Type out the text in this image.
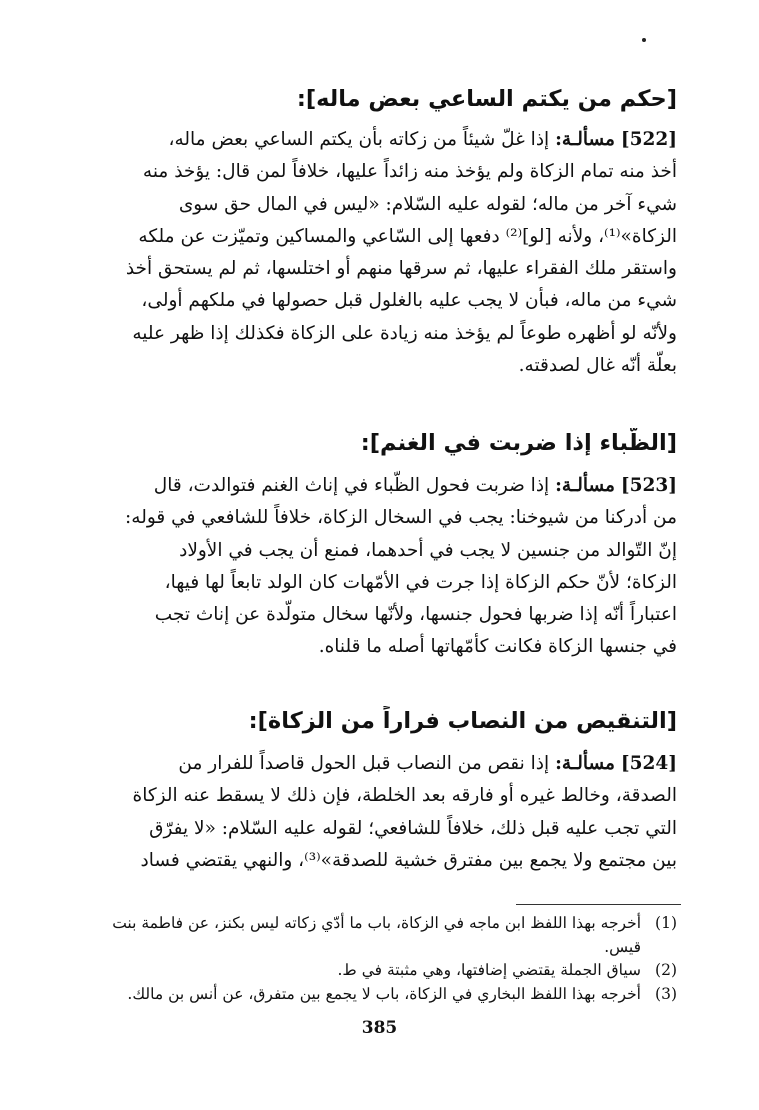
[حكم من يكتم الساعي بعض ماله]:

[522] مسألـة: إذا غلّ شيئاً من زكاته بأن يكتم الساعي بعض ماله،

أخذ منه تمام الزكاة ولم يؤخذ منه زائداً عليها، خلافاً لمن قال: يؤخذ منه

شيء آخر من ماله؛ لقوله عليه السّلام: «ليس في المال حق سوى

الزكاة»⁽¹⁾، ولأنه [لو]⁽²⁾ دفعها إلى السّاعي والمساكين وتميّزت عن ملكه

واستقر ملك الفقراء عليها، ثم سرقها منهم أو اختلسها، ثم لم يستحق أخذ

شيء من ماله، فبأن لا يجب عليه بالغلول قبل حصولها في ملكهم أولى،

ولأنّه لو أظهره طوعاً لم يؤخذ منه زيادة على الزكاة فكذلك إذا ظهر عليه

بعلّة أنّه غال لصدقته.

[الظّباء إذا ضربت في الغنم]:

[523] مسألـة: إذا ضربت فحول الظّباء في إناث الغنم فتوالدت، قال

من أدركنا من شيوخنا: يجب في السخال الزكاة، خلافاً للشافعي في قوله:

إنّ التّوالد من جنسين لا يجب في أحدهما، فمنع أن يجب في الأولاد

الزكاة؛ لأنّ حكم الزكاة إذا جرت في الأمّهات كان الولد تابعاً لها فيها،

اعتباراً أنّه إذا ضربها فحول جنسها، ولأنّها سخال متولّدة عن إناث تجب

في جنسها الزكاة فكانت كأمّهاتها أصله ما قلناه.

[التنقيص من النصاب فراراً من الزكاة]:

[524] مسألـة: إذا نقص من النصاب قبل الحول قاصداً للفرار من

الصدقة، وخالط غيره أو فارقه بعد الخلطة، فإن ذلك لا يسقط عنه الزكاة

التي تجب عليه قبل ذلك، خلافاً للشافعي؛ لقوله عليه السّلام: «لا يفرّق

بين مجتمع ولا يجمع بين مفترق خشية للصدقة»⁽³⁾، والنهي يقتضي فساد

(1)
أخرجه بهذا اللفظ ابن ماجه في الزكاة، باب ما أدّي زكاته ليس بكنز، عن فاطمة بنت قيس.
(2)
سياق الجملة يقتضي إضافتها، وهي مثبتة في ط.
(3)
أخرجه بهذا اللفظ البخاري في الزكاة، باب لا يجمع بين متفرق، عن أنس بن مالك.
385
